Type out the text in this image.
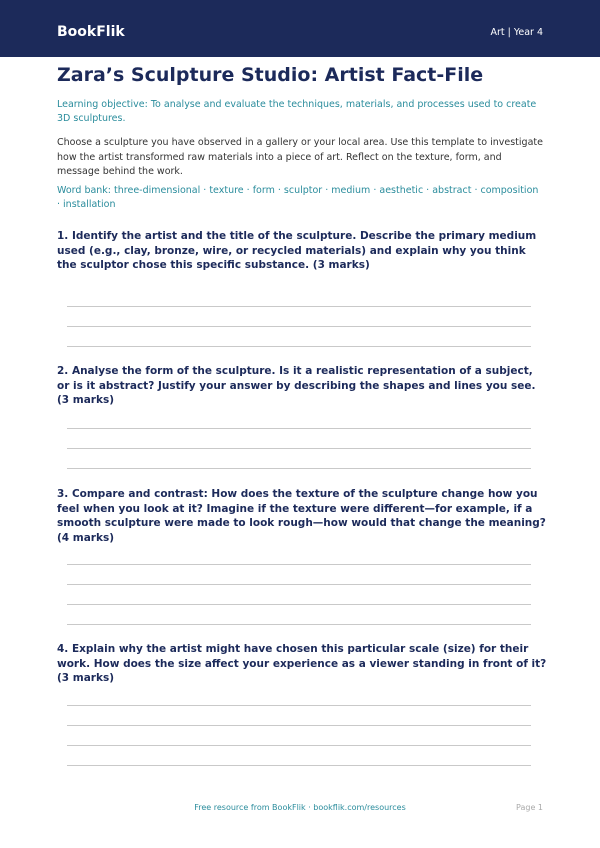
BookFlik	Art | Year 4
Zara’s Sculpture Studio: Artist Fact-File
Learning objective: To analyse and evaluate the techniques, materials, and processes used to create 3D sculptures.
Choose a sculpture you have observed in a gallery or your local area. Use this template to investigate how the artist transformed raw materials into a piece of art. Reflect on the texture, form, and message behind the work.
Word bank: three-dimensional · texture · form · sculptor · medium · aesthetic · abstract · composition · installation
1. Identify the artist and the title of the sculpture. Describe the primary medium used (e.g., clay, bronze, wire, or recycled materials) and explain why you think the sculptor chose this specific substance. (3 marks)
2. Analyse the form of the sculpture. Is it a realistic representation of a subject, or is it abstract? Justify your answer by describing the shapes and lines you see. (3 marks)
3. Compare and contrast: How does the texture of the sculpture change how you feel when you look at it? Imagine if the texture were different—for example, if a smooth sculpture were made to look rough—how would that change the meaning? (4 marks)
4. Explain why the artist might have chosen this particular scale (size) for their work. How does the size affect your experience as a viewer standing in front of it? (3 marks)
Free resource from BookFlik · bookflik.com/resources	Page 1
